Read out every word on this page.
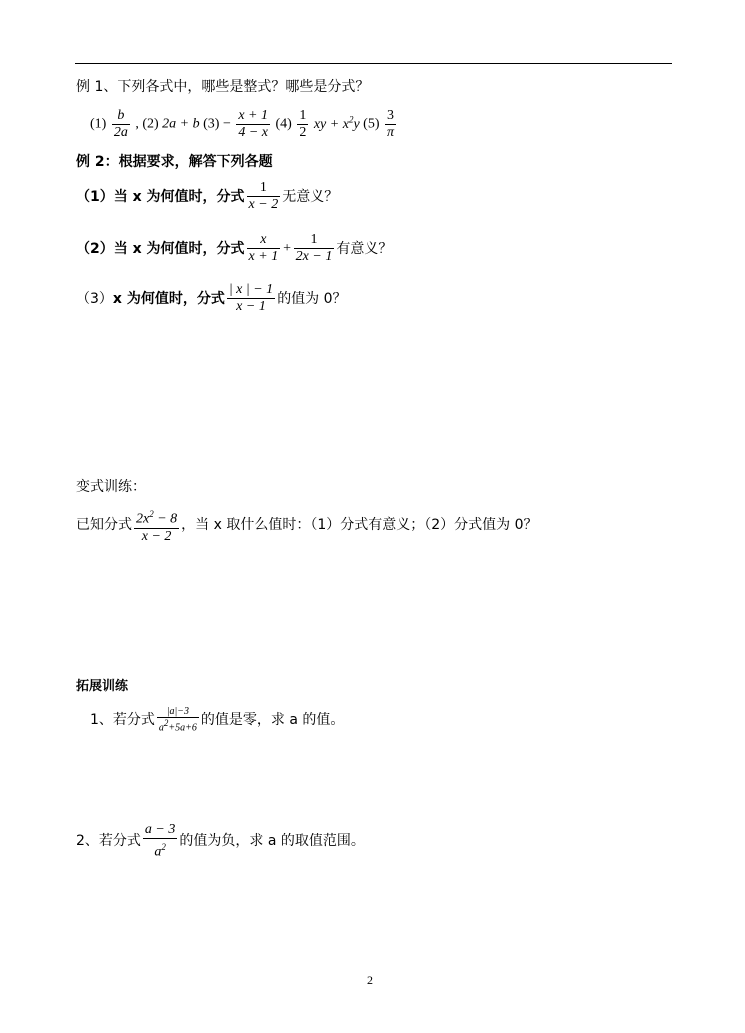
例 1、下列各式中，哪些是整式？哪些是分式？
$(1) \frac{b}{2a}$ , (2) 2a + b $(3) - \frac{x + 1}{4 - x} (4) \frac{1}{2}$ xy + $x^2y$ $(5) \frac{3}{\pi}$
例 2：根据要求，解答下列各题
（1）当 x 为何值时，分式 $\frac{1}{x - 2}$ 无意义？
（2）当 x 为何值时，分式 $\frac{x}{x + 1} + \frac{1}{2x - 1}$ 有意义？
（3） x 为何值时，分式 $\frac{| x | - 1}{x - 1}$ 的值为 0？
变式训练：
已知分式 $\frac{2x^2 - 8}{x - 2}$ ，当 x 取什么值时：（1）分式有意义；（2）分式值为 0？
拓展训练
1、若分式 $\frac{|a|-3}{a^2+5a+6}$ 的值是零，求 a 的值。
2、若分式 $\frac{a - 3}{a^2}$ 的值为负，求 a 的取值范围。
2
